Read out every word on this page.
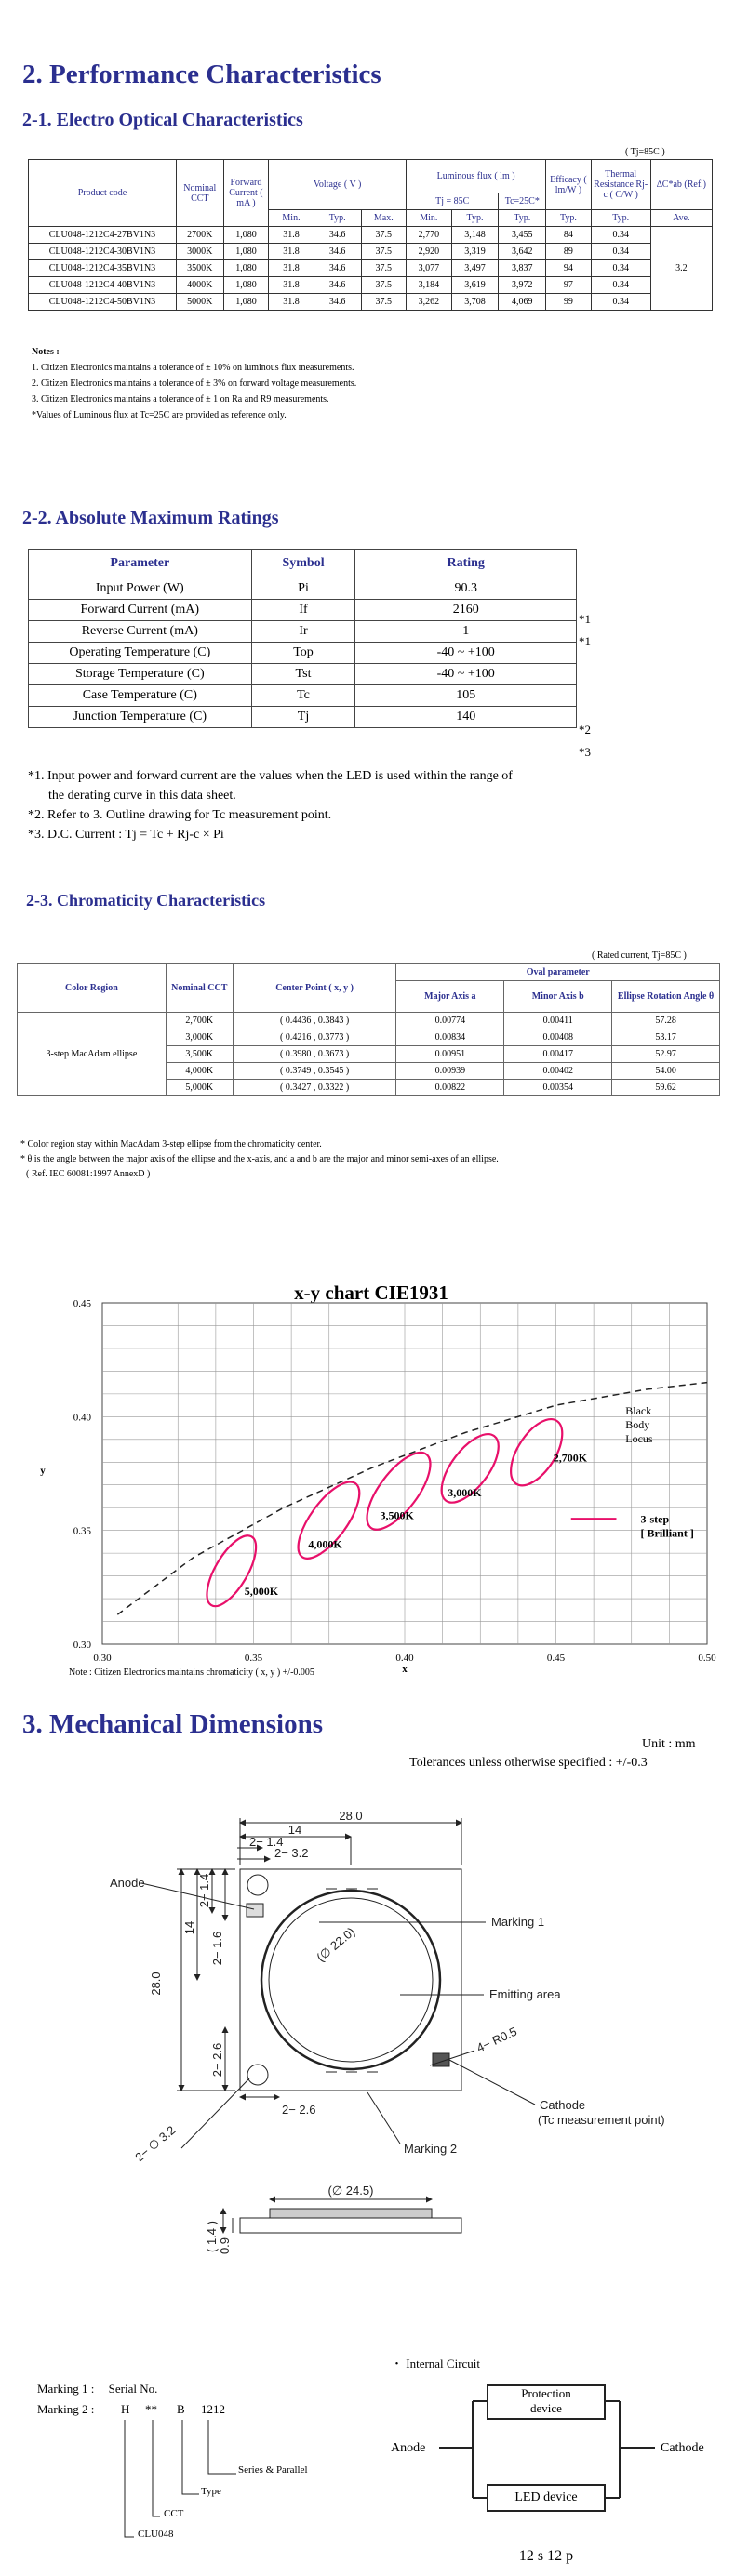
2. Performance Characteristics
2-1. Electro Optical Characteristics
( Tj=85C )
Product code	Nominal CCT	Forward Current ( mA )	Voltage ( V )			Luminous flux ( lm )			Efficacy ( lm/W )	Thermal Resistance Rj-c ( C/W )	∆C*ab (Ref.)
						Tj = 85C		Tc=25C*			
			Min.	Typ.	Max.	Min.	Typ.	Typ.	Typ.	Typ.	Ave.
CLU048-1212C4-27BV1N3	2700K	1,080	31.8	34.6	37.5	2,770	3,148	3,455	84	0.34	3.2
CLU048-1212C4-30BV1N3	3000K	1,080	31.8	34.6	37.5	2,920	3,319	3,642	89	0.34	
CLU048-1212C4-35BV1N3	3500K	1,080	31.8	34.6	37.5	3,077	3,497	3,837	94	0.34	
CLU048-1212C4-40BV1N3	4000K	1,080	31.8	34.6	37.5	3,184	3,619	3,972	97	0.34	
CLU048-1212C4-50BV1N3	5000K	1,080	31.8	34.6	37.5	3,262	3,708	4,069	99	0.34	
Notes :
1. Citizen Electronics maintains a tolerance of ± 10% on luminous flux measurements.
2. Citizen Electronics maintains a tolerance of ± 3% on forward voltage measurements.
3. Citizen Electronics maintains a tolerance of ± 1 on Ra and R9 measurements.
*Values of Luminous flux at Tc=25C are provided as reference only.
2-2. Absolute Maximum Ratings
Parameter	Symbol	Rating
Input Power (W)	Pi	90.3
Forward Current (mA)	If	2160
Reverse Current (mA)	Ir	1
Operating Temperature (C)	Top	-40 ~ +100
Storage Temperature (C)	Tst	-40 ~ +100
Case Temperature (C)	Tc	105
Junction Temperature (C)	Tj	140
*1
*1
*2
*3
*1. Input power and forward current are the values when the LED is used within the range of
the derating curve in this data sheet.
*2. Refer to 3. Outline drawing for Tc measurement point.
*3. D.C. Current : Tj = Tc + Rj-c × Pi
2-3. Chromaticity Characteristics
( Rated current, Tj=85C )
Color Region	Nominal CCT	Center Point ( x, y )	Oval parameter		
			Major Axis a	Minor Axis b	Ellipse Rotation Angle θ
3-step MacAdam ellipse	2,700K	( 0.4436 , 0.3843 )	0.00774	0.00411	57.28
	3,000K	( 0.4216 , 0.3773 )	0.00834	0.00408	53.17
	3,500K	( 0.3980 , 0.3673 )	0.00951	0.00417	52.97
	4,000K	( 0.3749 , 0.3545 )	0.00939	0.00402	54.00
	5,000K	( 0.3427 , 0.3322 )	0.00822	0.00354	59.62
* Color region stay within MacAdam 3-step ellipse from the chromaticity center.
* θ is the angle between the major axis of the ellipse and the x-axis, and a and b are the major and minor semi-axes of an ellipse.
( Ref. IEC 60081:1997 AnnexD )
x-y chart CIE1931
0.30	0.35	0.40	0.45	0.50
0.30
0.35
0.40
0.45
x
y
Black
Body
Locus
2,700K
3,000K
3,500K
4,000K
5,000K
3-step
[ Brilliant ]
Note : Citizen Electronics maintains chromaticity ( x, y ) +/-0.005
3. Mechanical Dimensions
Unit : mm
Tolerances unless otherwise specified : +/-0.3
28.0
14
2− 1.4
2− 3.2
28.0
14
2− 1.4
2− 1.6
2− 2.6
2− 2.6
2− ∅ 3.2
(∅ 22.0)
4− R0.5
(∅ 24.5)
( 1.4 ) 0.9
Anode
Marking 1
Emitting area
Cathode
(Tc measurement point)
Marking 2
Marking 1 : Serial No.
Marking 2 : H ** B 1212
Series & Parallel
Type
CCT
CLU048
・ Internal Circuit
Anode	Cathode
Protection
device
LED device
12 s 12 p
